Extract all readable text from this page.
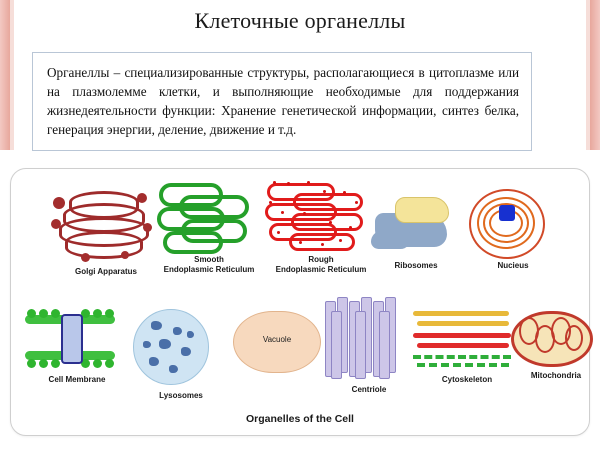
Клеточные органеллы
Органеллы – специализированные структуры, располагающиеся в цитоплазме или на плазмолемме клетки, и выполняющие необходимые для поддержания жизнедеятельности функции: Хранение генетической информации, синтез белка, генерация энергии, деление, движение и т.д.
Golgi Apparatus
Smooth
Endoplasmic Reticulum
Rough
Endoplasmic Reticulum	Ribosomes	Nucieus
Cell Membrane
Lysosomes
Vacuole
Centriole
Cytoskeleton	Mitochondria
Organelles of the Cell
